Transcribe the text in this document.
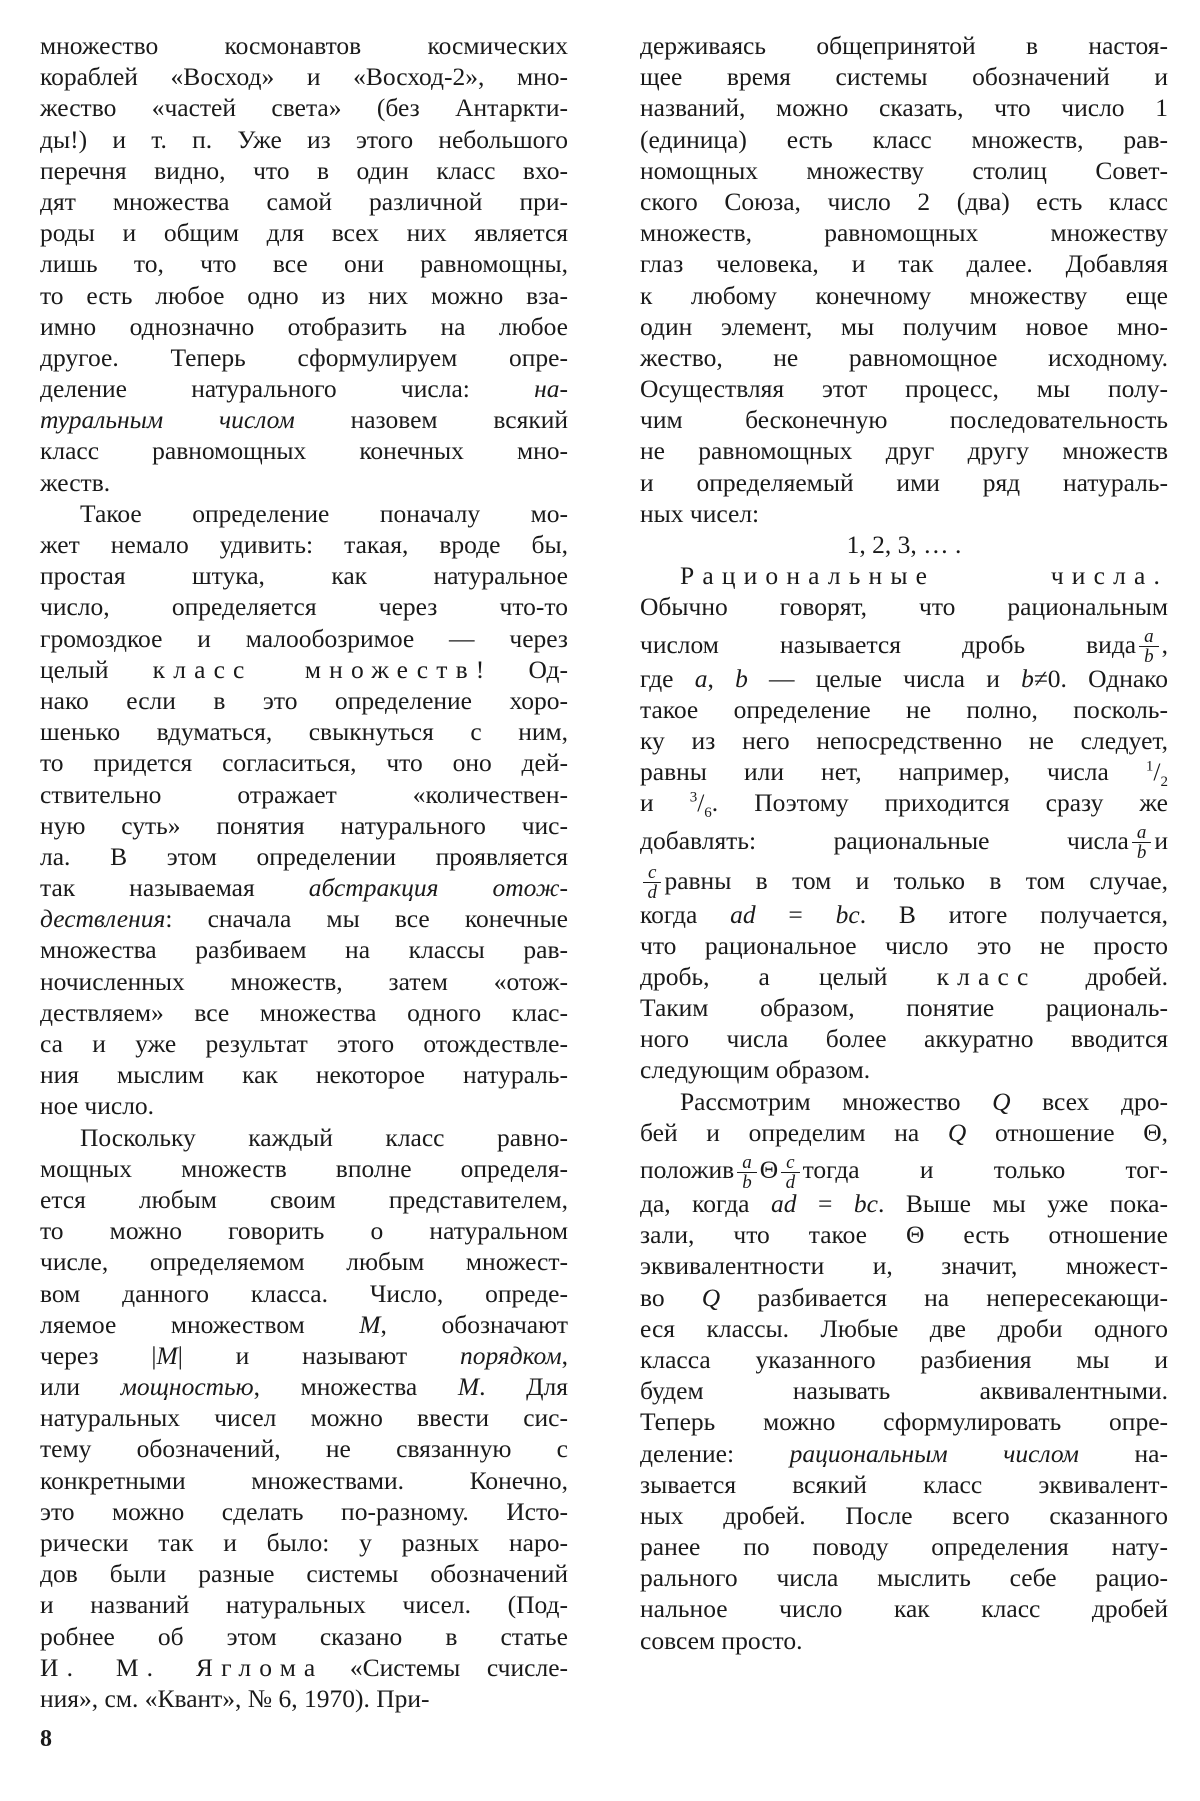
множество космонавтов космических
кораблей «Восход» и «Восход-2», мно-
жество «частей света» (без Антаркти-
ды!) и т. п. Уже из этого небольшого
перечня видно, что в один класс вхо-
дят множества самой различной при-
роды и общим для всех них является
лишь то, что все они равномощны,
то есть любое одно из них можно вза-
имно однозначно отобразить на любое
другое. Теперь сформулируем опре-
деление натурального числа: на-
туральным числом назовем всякий
класс равномощных конечных мно-
жеств.
Такое определение поначалу мо-
жет немало удивить: такая, вроде бы,
простая штука, как натуральное
число, определяется через что-то
громоздкое и малообозримое — через
целый класс множеств! Од-
нако если в это определение хоро-
шенько вдуматься, свыкнуться с ним,
то придется согласиться, что оно дей-
ствительно отражает «количествен-
ную суть» понятия натурального чис-
ла. В этом определении проявляется
так называемая абстракция отож-
дествления: сначала мы все конечные
множества разбиваем на классы рав-
ночисленных множеств, затем «отож-
дествляем» все множества одного клас-
са и уже результат этого отождествле-
ния мыслим как некоторое натураль-
ное число.
Поскольку каждый класс равно-
мощных множеств вполне определя-
ется любым своим представителем,
то можно говорить о натуральном
числе, определяемом любым множест-
вом данного класса. Число, опреде-
ляемое множеством M, обозначают
через |M| и называют порядком,
или мощностью, множества M. Для
натуральных чисел можно ввести сис-
тему обозначений, не связанную с
конкретными множествами. Конечно,
это можно сделать по-разному. Исто-
рически так и было: у разных наро-
дов были разные системы обозначений
и названий натуральных чисел. (Под-
робнее об этом сказано в статье
И. М. Яглома «Системы счисле-
ния», см. «Квант», № 6, 1970). При-
держиваясь общепринятой в настоя-
щее время системы обозначений и
названий, можно сказать, что число 1
(единица) есть класс множеств, рав-
номощных множеству столиц Совет-
ского Союза, число 2 (два) есть класс
множеств, равномощных множеству
глаз человека, и так далее. Добавляя
к любому конечному множеству еще
один элемент, мы получим новое мно-
жество, не равномощное исходному.
Осуществляя этот процесс, мы полу-
чим бесконечную последовательность
не равномощных друг другу множеств
и определяемый ими ряд натураль-
ных чисел:
1, 2, 3, … .
Рациональные числа.
Обычно говорят, что рациональным
числом называется дробь вида $\frac{a}{b}$ ,
где a, b — целые числа и b≠0. Однако
такое определение не полно, посколь-
ку из него непосредственно не следует,
равны или нет, например, числа $^1/_2$
и $^3/_6$. Поэтому приходится сразу же
добавлять: рациональные числа $\frac{a}{b}$ и
$\frac{c}{d}$ равны в том и только в том случае,
когда ad = bc. В итоге получается,
что рациональное число это не просто
дробь, а целый класс дробей.
Таким образом, понятие рациональ-
ного числа более аккуратно вводится
следующим образом.
Рассмотрим множество Q всех дро-
бей и определим на Q отношение Θ,
положив $\frac{a}{b}$ Θ $\frac{c}{d}$ тогда и только тог-
да, когда ad = bc. Выше мы уже пока-
зали, что такое Θ есть отношение
эквивалентности и, значит, множест-
во Q разбивается на непересекающи-
еся классы. Любые две дроби одного
класса указанного разбиения мы и
будем называть аквивалентными.
Теперь можно сформулировать опре-
деление: рациональным числом на-
зывается всякий класс эквивалент-
ных дробей. После всего сказанного
ранее по поводу определения нату-
рального числа мыслить себе рацио-
нальное число как класс дробей
совсем просто.
8
